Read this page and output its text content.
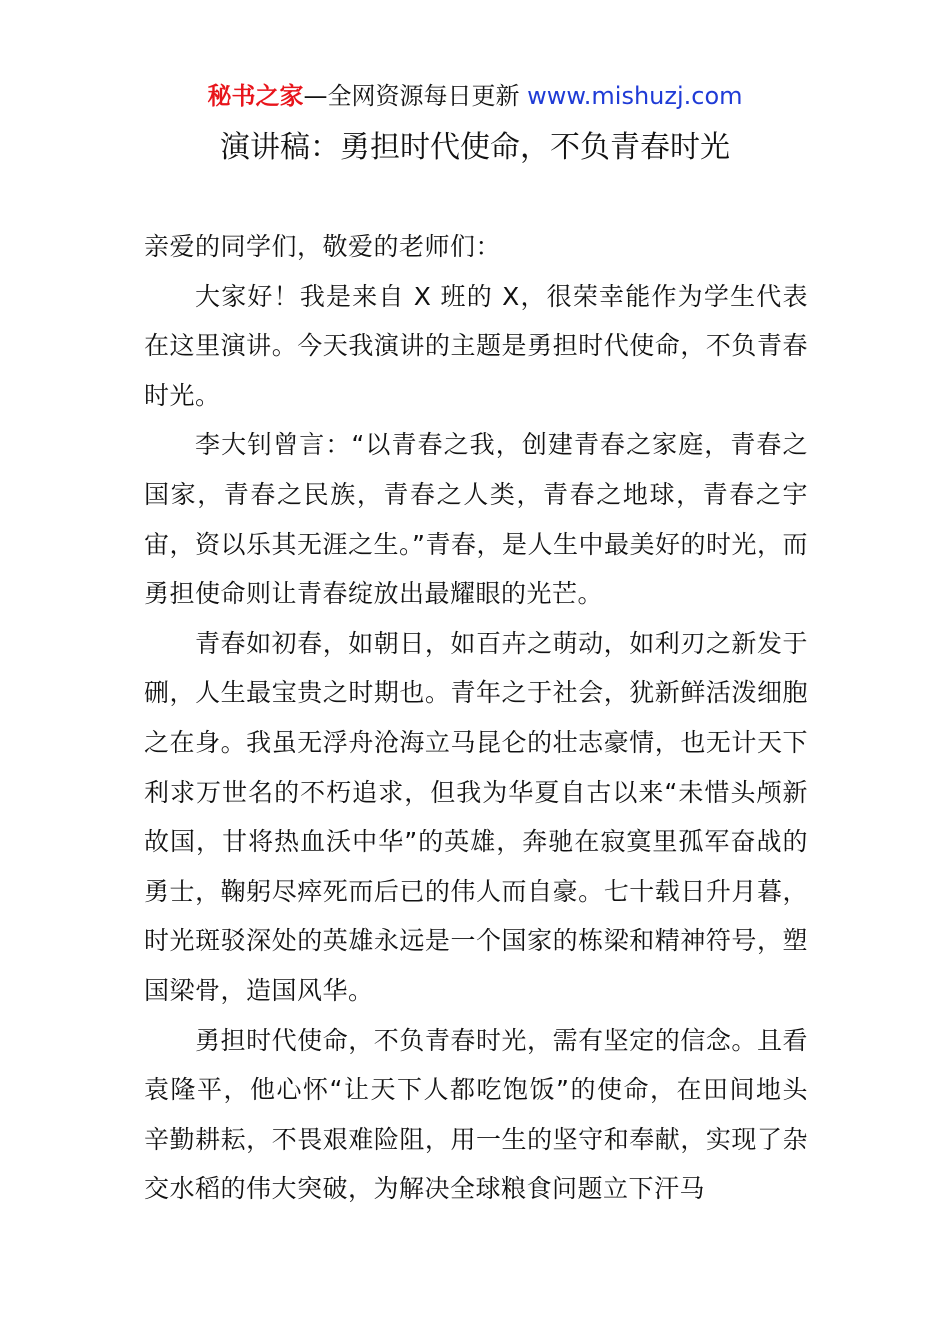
秘书之家—全网资源每日更新 www.mishuzj.com
演讲稿：勇担时代使命，不负青春时光

亲爱的同学们，敬爱的老师们：

大家好！我是来自 X 班的 X，很荣幸能作为学生代表在这里演讲。今天我演讲的主题是勇担时代使命，不负青春时光。

李大钊曾言：“以青春之我，创建青春之家庭，青春之国家，青春之民族，青春之人类，青春之地球，青春之宇宙，资以乐其无涯之生。”青春，是人生中最美好的时光，而勇担使命则让青春绽放出最耀眼的光芒。

青春如初春，如朝日，如百卉之萌动，如利刃之新发于硎，人生最宝贵之时期也。青年之于社会，犹新鲜活泼细胞之在身。我虽无浮舟沧海立马昆仑的壮志豪情，也无计天下利求万世名的不朽追求，但我为华夏自古以来“未惜头颅新故国，甘将热血沃中华”的英雄，奔驰在寂寞里孤军奋战的勇士，鞠躬尽瘁死而后已的伟人而自豪。七十载日升月暮，时光斑驳深处的英雄永远是一个国家的栋梁和精神符号，塑国梁骨，造国风华。

勇担时代使命，不负青春时光，需有坚定的信念。且看袁隆平，他心怀“让天下人都吃饱饭”的使命，在田间地头辛勤耕耘，不畏艰难险阻，用一生的坚守和奉献，实现了杂交水稻的伟大突破，为解决全球粮食问题立下汗马
